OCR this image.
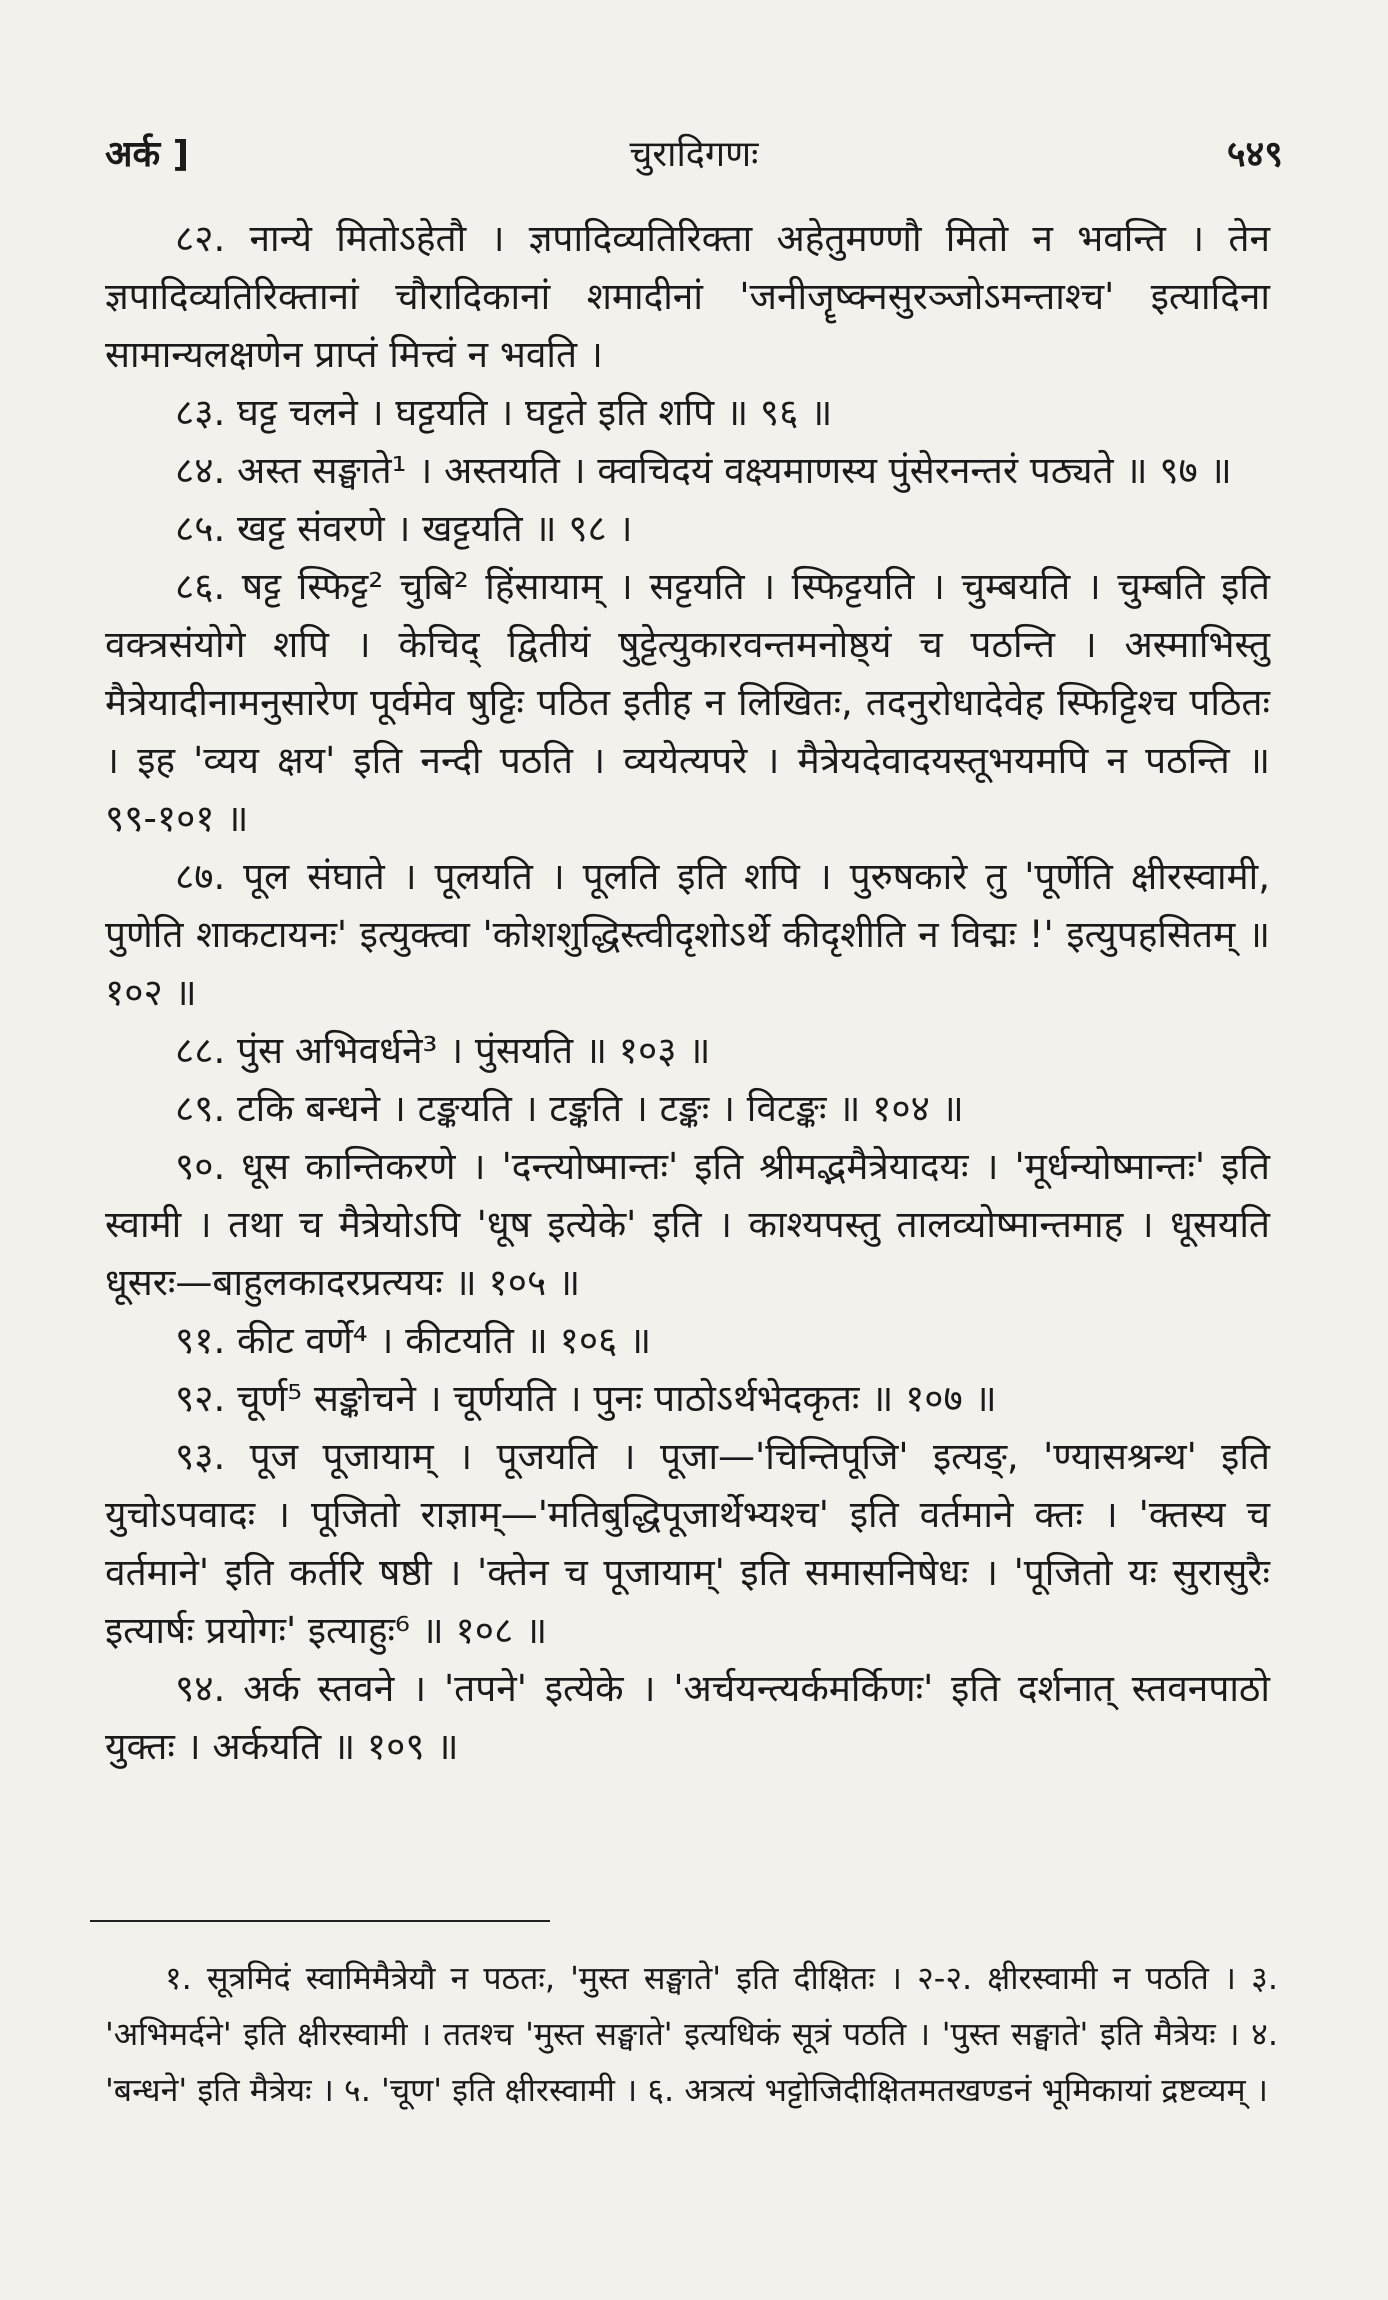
अर्क ]	चुरादिगणः	५४९

८२. नान्ये मितोऽहेतौ । ज्ञपादिव्यतिरिक्ता अहेतुमण्णौ मितो न भवन्ति । तेन ज्ञपादिव्यतिरिक्तानां चौरादिकानां शमादीनां 'जनीजॄष्क्नसुरञ्जोऽमन्ताश्च' इत्यादिना सामान्यलक्षणेन प्राप्तं मित्त्वं न भवति ।

८३. घट्ट चलने । घट्टयति । घट्टते इति शपि ॥ ९६ ॥

८४. अस्त सङ्घाते¹ । अस्तयति । क्वचिदयं वक्ष्यमाणस्य पुंसेरनन्तरं पठ्यते ॥ ९७ ॥

८५. खट्ट संवरणे । खट्टयति ॥ ९८ ।

८६. षट्ट स्फिट्ट² चुबि² हिंसायाम् । सट्टयति । स्फिट्टयति । चुम्बयति । चुम्बति इति वक्त्रसंयोगे शपि । केचिद् द्वितीयं षुट्टेत्युकारवन्तमनोष्ठ्यं च पठन्ति । अस्माभिस्तु मैत्रेयादीनामनुसारेण पूर्वमेव षुट्टिः पठित इतीह न लिखितः, तदनुरोधादेवेह स्फिट्टिश्च पठितः । इह 'व्यय क्षय' इति नन्दी पठति । व्ययेत्यपरे । मैत्रेयदेवादयस्तूभयमपि न पठन्ति ॥ ९९-१०१ ॥

८७. पूल संघाते । पूलयति । पूलति इति शपि । पुरुषकारे तु 'पूर्णेति क्षीरस्वामी, पुणेति शाकटायनः' इत्युक्त्वा 'कोशशुद्धिस्त्वीदृशोऽर्थे कीदृशीति न विद्मः !' इत्युपहसितम् ॥ १०२ ॥

८८. पुंस अभिवर्धने³ । पुंसयति ॥ १०३ ॥

८९. टकि बन्धने । टङ्कयति । टङ्कति । टङ्कः । विटङ्कः ॥ १०४ ॥

९०. धूस कान्तिकरणे । 'दन्त्योष्मान्तः' इति श्रीमद्भमैत्रेयादयः । 'मूर्धन्योष्मान्तः' इति स्वामी । तथा च मैत्रेयोऽपि 'धूष इत्येके' इति । काश्यपस्तु तालव्योष्मान्तमाह । धूसयति धूसरः—बाहुलकादरप्रत्ययः ॥ १०५ ॥

९१. कीट वर्णे⁴ । कीटयति ॥ १०६ ॥

९२. चूर्ण⁵ सङ्कोचने । चूर्णयति । पुनः पाठोऽर्थभेदकृतः ॥ १०७ ॥

९३. पूज पूजायाम् । पूजयति । पूजा—'चिन्तिपूजि' इत्यङ्, 'ण्यासश्रन्थ' इति युचोऽपवादः । पूजितो राज्ञाम्—'मतिबुद्धिपूजार्थेभ्यश्च' इति वर्तमाने क्तः । 'क्तस्य च वर्तमाने' इति कर्तरि षष्ठी । 'क्तेन च पूजायाम्' इति समासनिषेधः । 'पूजितो यः सुरासुरैः इत्यार्षः प्रयोगः' इत्याहुः⁶ ॥ १०८ ॥

९४. अर्क स्तवने । 'तपने' इत्येके । 'अर्चयन्त्यर्कमर्किणः' इति दर्शनात् स्तवनपाठो युक्तः । अर्कयति ॥ १०९ ॥

१. सूत्रमिदं स्वामिमैत्रेयौ न पठतः, 'मुस्त सङ्घाते' इति दीक्षितः । २-२. क्षीरस्वामी न पठति । ३. 'अभिमर्दने' इति क्षीरस्वामी । ततश्च 'मुस्त सङ्घाते' इत्यधिकं सूत्रं पठति । 'पुस्त सङ्घाते' इति मैत्रेयः । ४. 'बन्धने' इति मैत्रेयः । ५. 'चूण' इति क्षीरस्वामी । ६. अत्रत्यं भट्टोजिदीक्षितमतखण्डनं भूमिकायां द्रष्टव्यम् ।
